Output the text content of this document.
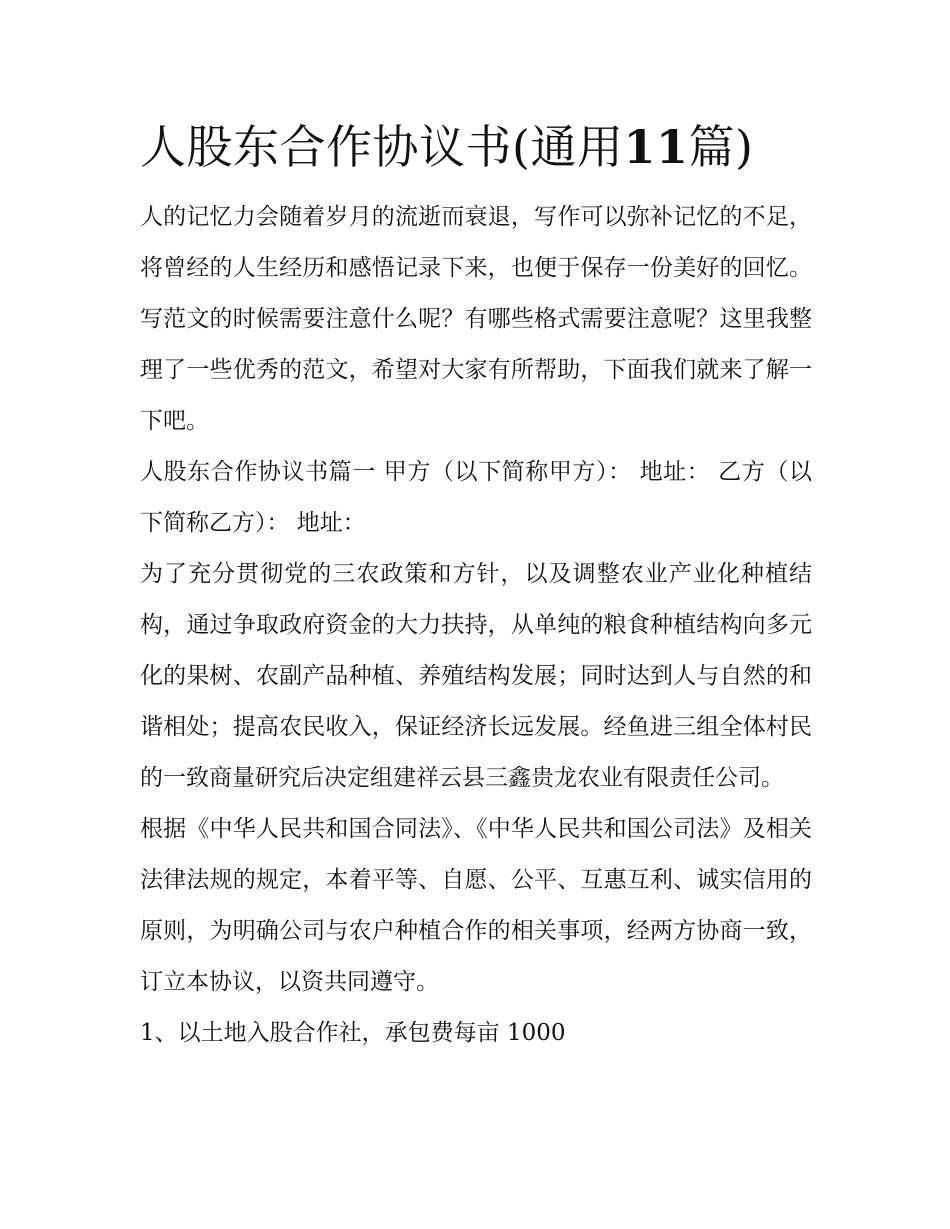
人股东合作协议书(通用11篇)

人的记忆力会随着岁月的流逝而衰退，写作可以弥补记忆的不足，将曾经的人生经历和感悟记录下来，也便于保存一份美好的回忆。写范文的时候需要注意什么呢？有哪些格式需要注意呢？这里我整理了一些优秀的范文，希望对大家有所帮助，下面我们就来了解一下吧。

人股东合作协议书篇一 甲方（以下简称甲方）： 地址： 乙方（以下简称乙方）： 地址：

为了充分贯彻党的三农政策和方针，以及调整农业产业化种植结构，通过争取政府资金的大力扶持，从单纯的粮食种植结构向多元化的果树、农副产品种植、养殖结构发展；同时达到人与自然的和谐相处；提高农民收入，保证经济长远发展。经鱼进三组全体村民的一致商量研究后决定组建祥云县三鑫贵龙农业有限责任公司。

根据《中华人民共和国合同法》、《中华人民共和国公司法》及相关法律法规的规定，本着平等、自愿、公平、互惠互利、诚实信用的原则，为明确公司与农户种植合作的相关事项，经两方协商一致，订立本协议，以资共同遵守。

1、以土地入股合作社，承包费每亩 1000
